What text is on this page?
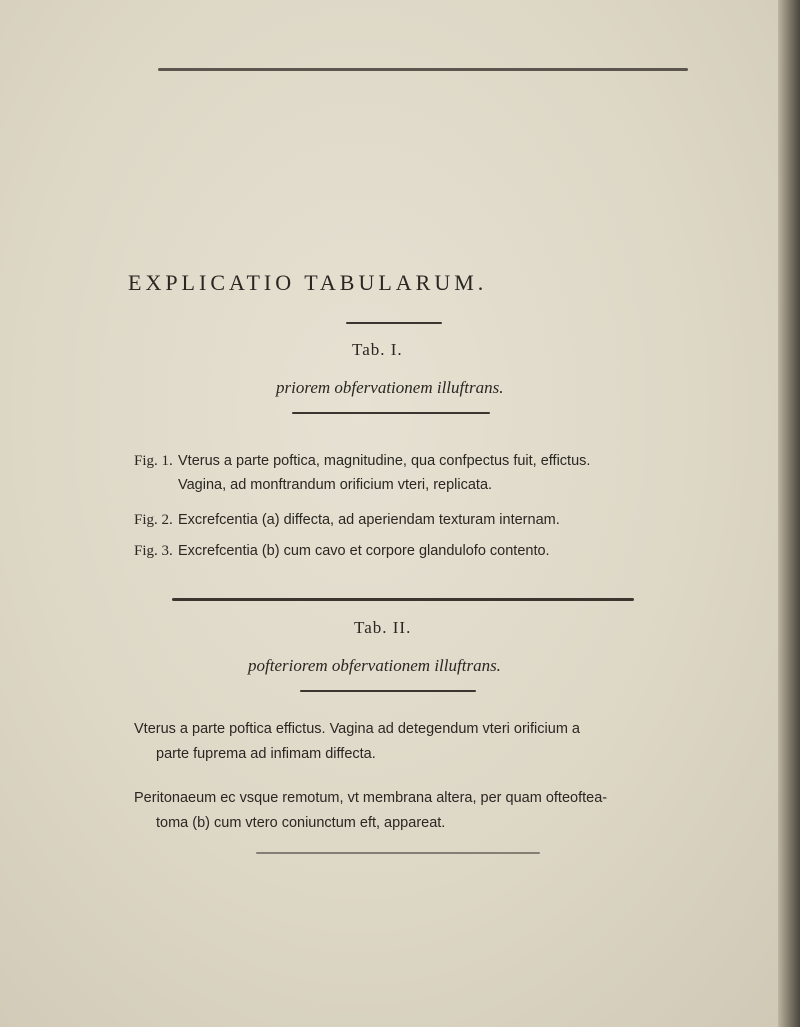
EXPLICATIO TABULARUM.
Tab. I.
priorem obfervationem illuftrans.
Fig. 1. Vterus a parte poftica, magnitudine, qua confpectus fuit, effictus.
Vagina, ad monftrandum orificium vteri, replicata.
Fig. 2. Excrefcentia (a) diffecta, ad aperiendam texturam internam.
Fig. 3. Excrefcentia (b) cum cavo et corpore glandulofo contento.
Tab. II.
pofteriorem obfervationem illuftrans.
Vterus a parte poftica effictus. Vagina ad detegendum vteri orificium a
parte fuprema ad infimam diffecta.
Peritonaeum ec vsque remotum, vt membrana altera, per quam ofteoftea-
toma (b) cum vtero coniunctum eft, appareat.
